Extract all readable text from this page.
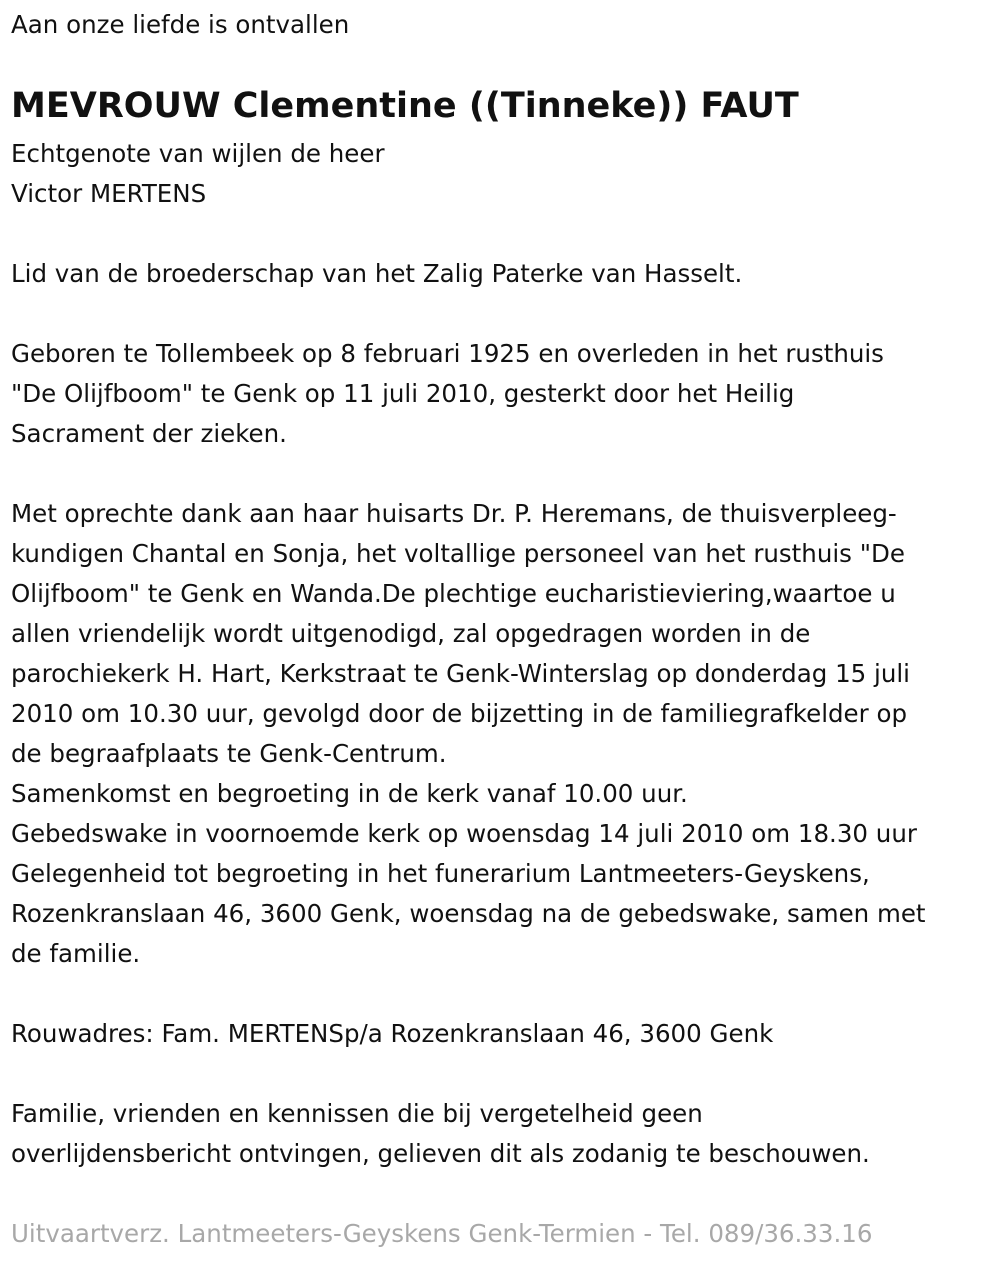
Aan onze liefde is ontvallen
MEVROUW Clementine ((Tinneke)) FAUT
Echtgenote van wijlen de heer
Victor MERTENS
Lid van de broederschap van het Zalig Paterke van Hasselt.
Geboren te Tollembeek op 8 februari 1925 en overleden in het rusthuis
"De Olijfboom" te Genk op 11 juli 2010, gesterkt door het Heilig
Sacrament der zieken.
Met oprechte dank aan haar huisarts Dr. P. Heremans, de thuisverpleeg-
kundigen Chantal en Sonja, het voltallige personeel van het rusthuis "De
Olijfboom" te Genk en Wanda.De plechtige eucharistieviering,waartoe u
allen vriendelijk wordt uitgenodigd, zal opgedragen worden in de
parochiekerk H. Hart, Kerkstraat te Genk-Winterslag op donderdag 15 juli
2010 om 10.30 uur, gevolgd door de bijzetting in de familiegrafkelder op
de begraafplaats te Genk-Centrum.
Samenkomst en begroeting in de kerk vanaf 10.00 uur.
Gebedswake in voornoemde kerk op woensdag 14 juli 2010 om 18.30 uur
Gelegenheid tot begroeting in het funerarium Lantmeeters-Geyskens,
Rozenkranslaan 46, 3600 Genk, woensdag na de gebedswake, samen met
de familie.
Rouwadres: Fam. MERTENSp/a Rozenkranslaan 46, 3600 Genk
Familie, vrienden en kennissen die bij vergetelheid geen
overlijdensbericht ontvingen, gelieven dit als zodanig te beschouwen.
Uitvaartverz. Lantmeeters-Geyskens Genk-Termien - Tel. 089/36.33.16
